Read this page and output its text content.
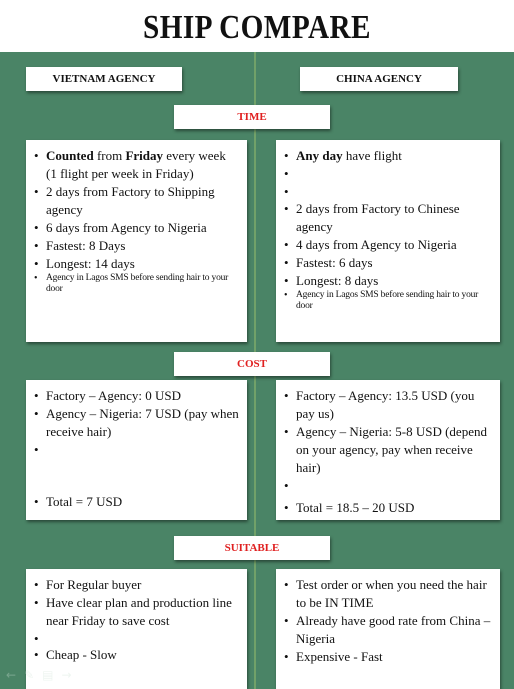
SHIP COMPARE
VIETNAM AGENCY	CHINA AGENCY
TIME
• Counted from Friday every week (1 flight per week in Friday)
• 2 days from Factory to Shipping agency
• 6 days from Agency to Nigeria
• Fastest: 8 Days
• Longest: 14 days
• Agency in Lagos SMS before sending hair to your door
• Any day have flight
•
•
• 2 days from Factory to Chinese agency
• 4 days from Agency to Nigeria
• Fastest: 6 days
• Longest: 8 days
• Agency in Lagos SMS before sending hair to your door
COST
• Factory – Agency: 0 USD
• Agency – Nigeria: 7 USD (pay when receive hair)
•
• Total = 7 USD
• Factory – Agency: 13.5 USD (you pay us)
• Agency – Nigeria: 5-8 USD (depend on your agency, pay when receive hair)
•
• Total = 18.5 – 20 USD
SUITABLE
• For Regular buyer
• Have clear plan and production line near Friday to save cost
•
• Cheap - Slow
• Test order or when you need the hair to be IN TIME
• Already have good rate from China – Nigeria
• Expensive - Fast
← ✎ ▤ →
